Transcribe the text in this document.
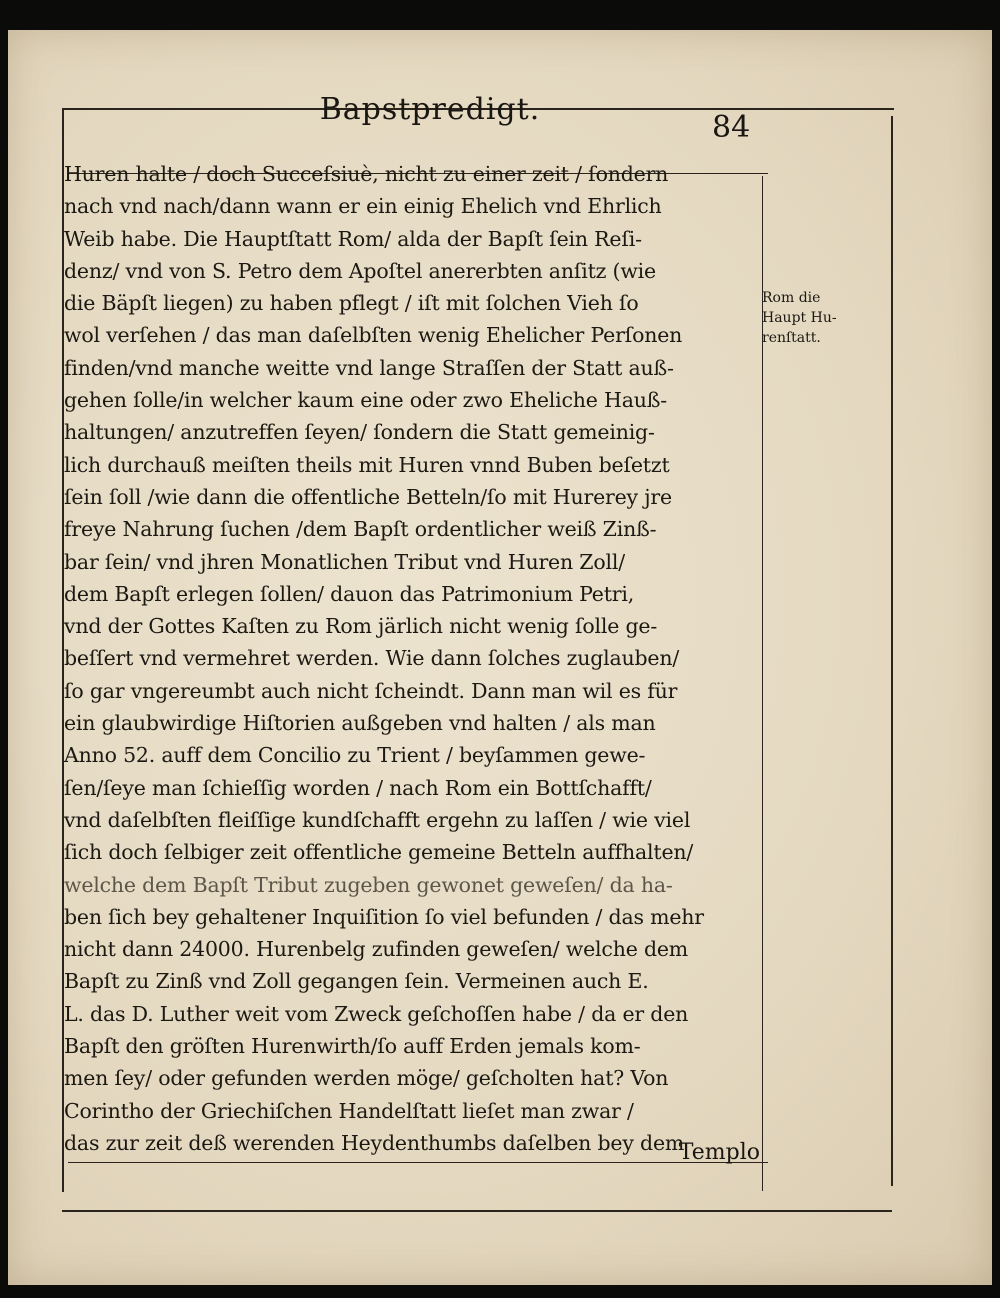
Bapstpredigt.
84
Huren halte / doch Succeſsiuè, nicht zu einer zeit / ſondern
nach vnd nach/dann wann er ein einig Ehelich vnd Ehrlich
Weib habe. Die Hauptſtatt Rom/ alda der Bapſt ſein Reſi-
denz/ vnd von S. Petro dem Apoſtel anererbten anſitz (wie
die Bäpſt liegen) zu haben pflegt / iſt mit ſolchen Vieh ſo
wol verſehen / das man daſelbſten wenig Ehelicher Perſonen
finden/vnd manche weitte vnd lange Straſſen der Statt auß-
gehen ſolle/in welcher kaum eine oder zwo Eheliche Hauß-
haltungen/ anzutreffen ſeyen/ ſondern die Statt gemeinig-
lich durchauß meiſten theils mit Huren vnnd Buben beſetzt
ſein ſoll /wie dann die offentliche Betteln/ſo mit Hurerey jre
freye Nahrung ſuchen /dem Bapſt ordentlicher weiß Zinß-
bar ſein/ vnd jhren Monatlichen Tribut vnd Huren Zoll/
dem Bapſt erlegen ſollen/ dauon das Patrimonium Petri,
vnd der Gottes Kaſten zu Rom järlich nicht wenig ſolle ge-
beſſert vnd vermehret werden. Wie dann ſolches zuglauben/
ſo gar vngereumbt auch nicht ſcheindt. Dann man wil es für
ein glaubwirdige Hiſtorien außgeben vnd halten / als man
Anno 52. auff dem Concilio zu Trient / beyſammen gewe-
ſen/ſeye man ſchieſſig worden / nach Rom ein Bottſchafft/
vnd daſelbſten fleiſſige kundſchafft ergehn zu laſſen / wie viel
ſich doch ſelbiger zeit offentliche gemeine Betteln auffhalten/
welche dem Bapſt Tribut zugeben gewonet geweſen/ da ha-
ben ſich bey gehaltener Inquiſition ſo viel befunden / das mehr
nicht dann 24000. Hurenbelg zufinden geweſen/ welche dem
Bapſt zu Zinß vnd Zoll gegangen ſein. Vermeinen auch E.
L. das D. Luther weit vom Zweck geſchoſſen habe / da er den
Bapſt den gröſten Hurenwirth/ſo auff Erden jemals kom-
men ſey/ oder gefunden werden möge/ geſcholten hat? Von
Corintho der Griechiſchen Handelſtatt lieſet man zwar /
das zur zeit deß werenden Heydenthumbs daſelben bey dem
Rom die
Haupt Hu-
renſtatt.
Templo
